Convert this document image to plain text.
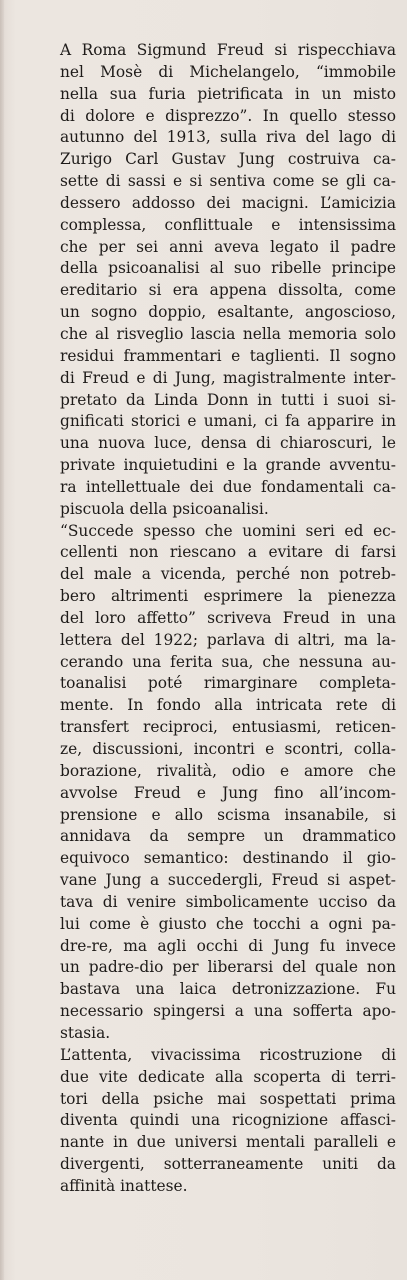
A Roma Sigmund Freud si rispecchiava

nel Mosè di Michelangelo, “immobile

nella sua furia pietrificata in un misto

di dolore e disprezzo”. In quello stesso

autunno del 1913, sulla riva del lago di

Zurigo Carl Gustav Jung costruiva ca-

sette di sassi e si sentiva come se gli ca-

dessero addosso dei macigni. L’amicizia

complessa, conflittuale e intensissima

che per sei anni aveva legato il padre

della psicoanalisi al suo ribelle principe

ereditario si era appena dissolta, come

un sogno doppio, esaltante, angoscioso,

che al risveglio lascia nella memoria solo

residui frammentari e taglienti. Il sogno

di Freud e di Jung, magistralmente inter-

pretato da Linda Donn in tutti i suoi si-

gnificati storici e umani, ci fa apparire in

una nuova luce, densa di chiaroscuri, le

private inquietudini e la grande avventu-

ra intellettuale dei due fondamentali ca-

piscuola della psicoanalisi.

“Succede spesso che uomini seri ed ec-

cellenti non riescano a evitare di farsi

del male a vicenda, perché non potreb-

bero altrimenti esprimere la pienezza

del loro affetto” scriveva Freud in una

lettera del 1922; parlava di altri, ma la-

cerando una ferita sua, che nessuna au-

toanalisi poté rimarginare completa-

mente. In fondo alla intricata rete di

transfert reciproci, entusiasmi, reticen-

ze, discussioni, incontri e scontri, colla-

borazione, rivalità, odio e amore che

avvolse Freud e Jung fino all’incom-

prensione e allo scisma insanabile, si

annidava da sempre un drammatico

equivoco semantico: destinando il gio-

vane Jung a succedergli, Freud si aspet-

tava di venire simbolicamente ucciso da

lui come è giusto che tocchi a ogni pa-

dre-re, ma agli occhi di Jung fu invece

un padre-dio per liberarsi del quale non

bastava una laica detronizzazione. Fu

necessario spingersi a una sofferta apo-

stasia.

L’attenta, vivacissima ricostruzione di

due vite dedicate alla scoperta di terri-

tori della psiche mai sospettati prima

diventa quindi una ricognizione affasci-

nante in due universi mentali paralleli e

divergenti, sotterraneamente uniti da

affinità inattese.
